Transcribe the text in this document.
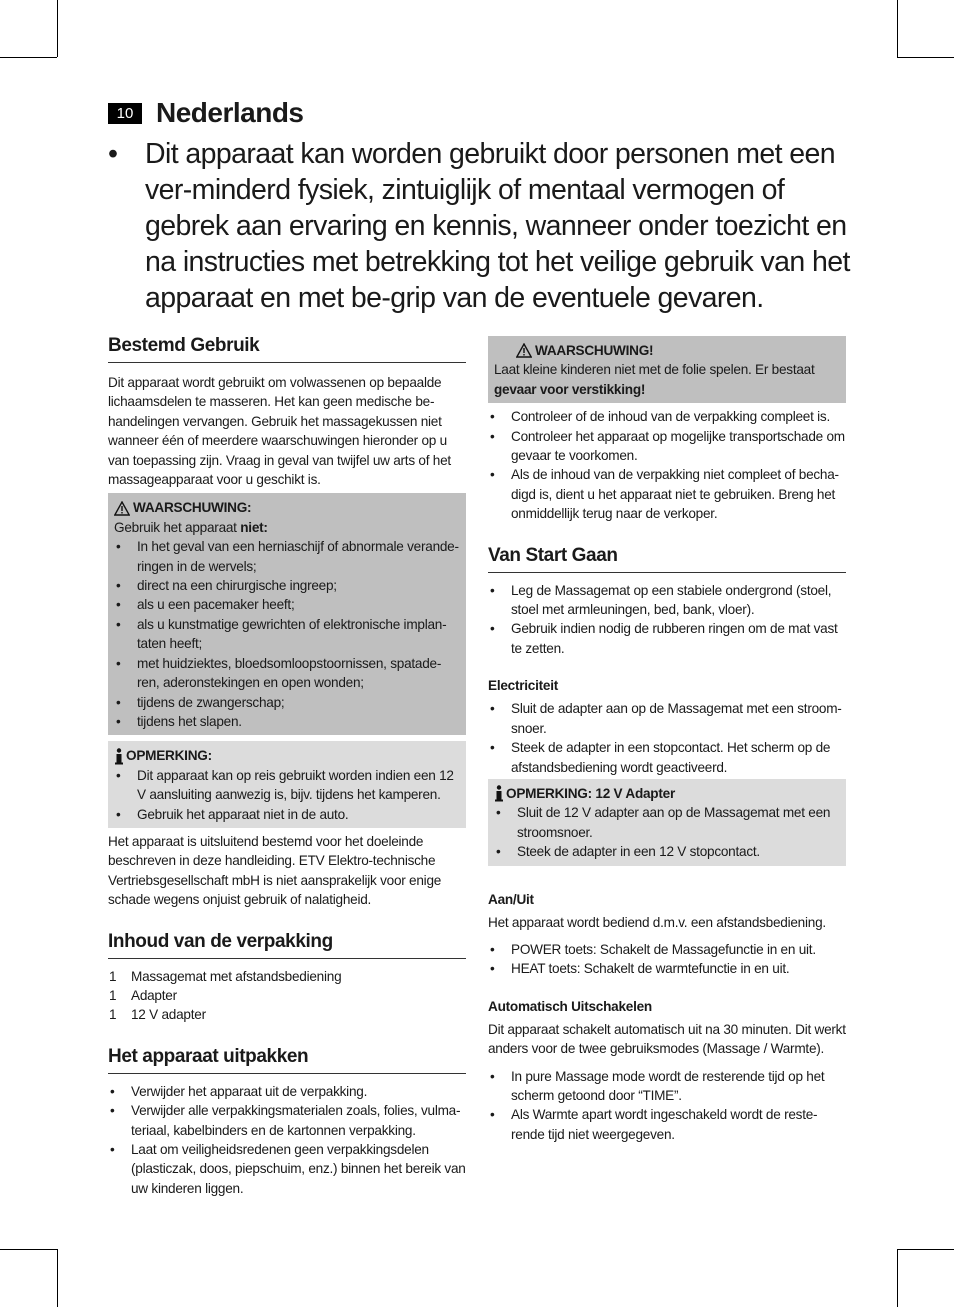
10 Nederlands
• Dit apparaat kan worden gebruikt door personen met een ver-minderd fysiek, zintuiglijk of mentaal vermogen of gebrek aan ervaring en kennis, wanneer onder toezicht en na instructies met betrekking tot het veilige gebruik van het apparaat en met be-grip van de eventuele gevaren.
Bestemd Gebruik

Dit apparaat wordt gebruikt om volwassenen op bepaalde lichaamsdelen te masseren. Het kan geen medische be-handelingen vervangen. Gebruik het massagekussen niet wanneer één of meerdere waarschuwingen hieronder op u van toepassing zijn. Vraag in geval van twijfel uw arts of het massageapparaat voor u geschikt is.

WAARSCHUWING:

Gebruik het apparaat niet:

• In het geval van een herniaschijf of abnormale verande-ringen in de wervels;
• direct na een chirurgische ingreep;
• als u een pacemaker heeft;
• als u kunstmatige gewrichten of elektronische implan-taten heeft;
• met huidziektes, bloedsomloopstoornissen, spatade-ren, aderonstekingen en open wonden;
• tijdens de zwangerschap;
• tijdens het slapen.
OPMERKING:
• Dit apparaat kan op reis gebruikt worden indien een 12 V aansluiting aanwezig is, bijv. tijdens het kamperen.
• Gebruik het apparaat niet in de auto.

Het apparaat is uitsluitend bestemd voor het doeleinde beschreven in deze handleiding. ETV Elektro-technische Vertriebsgesellschaft mbH is niet aansprakelijk voor enige schade wegens onjuist gebruik of nalatigheid.

Inhoud van de verpakking
1 Massagemat met afstandsbediening
1 Adapter
1 12 V adapter
Het apparaat uitpakken
• Verwijder het apparaat uit de verpakking.
• Verwijder alle verpakkingsmaterialen zoals, folies, vulma-teriaal, kabelbinders en de kartonnen verpakking.
• Laat om veiligheidsredenen geen verpakkingsdelen (plasticzak, doos, piepschuim, enz.) binnen het bereik van uw kinderen liggen.
WAARSCHUWING!

Laat kleine kinderen niet met de folie spelen. Er bestaat gevaar voor verstikking!

• Controleer of de inhoud van de verpakking compleet is.
• Controleer het apparaat op mogelijke transportschade om gevaar te voorkomen.
• Als de inhoud van de verpakking niet compleet of becha-digd is, dient u het apparaat niet te gebruiken. Breng het onmiddellijk terug naar de verkoper.
Van Start Gaan
• Leg de Massagemat op een stabiele ondergrond (stoel, stoel met armleuningen, bed, bank, vloer).
• Gebruik indien nodig de rubberen ringen om de mat vast te zetten.
Electriciteit
• Sluit de adapter aan op de Massagemat met een stroom-snoer.
• Steek de adapter in een stopcontact. Het scherm op de afstandsbediening wordt geactiveerd.
OPMERKING: 12 V Adapter
• Sluit de 12 V adapter aan op de Massagemat met een stroomsnoer.
• Steek de adapter in een 12 V stopcontact.
Aan/Uit

Het apparaat wordt bediend d.m.v. een afstandsbediening.

• POWER toets: Schakelt de Massagefunctie in en uit.
• HEAT toets: Schakelt de warmtefunctie in en uit.
Automatisch Uitschakelen

Dit apparaat schakelt automatisch uit na 30 minuten. Dit werkt anders voor de twee gebruiksmodes (Massage / Warmte).

• In pure Massage mode wordt de resterende tijd op het scherm getoond door “TIME”.
• Als Warmte apart wordt ingeschakeld wordt de reste-rende tijd niet weergegeven.
